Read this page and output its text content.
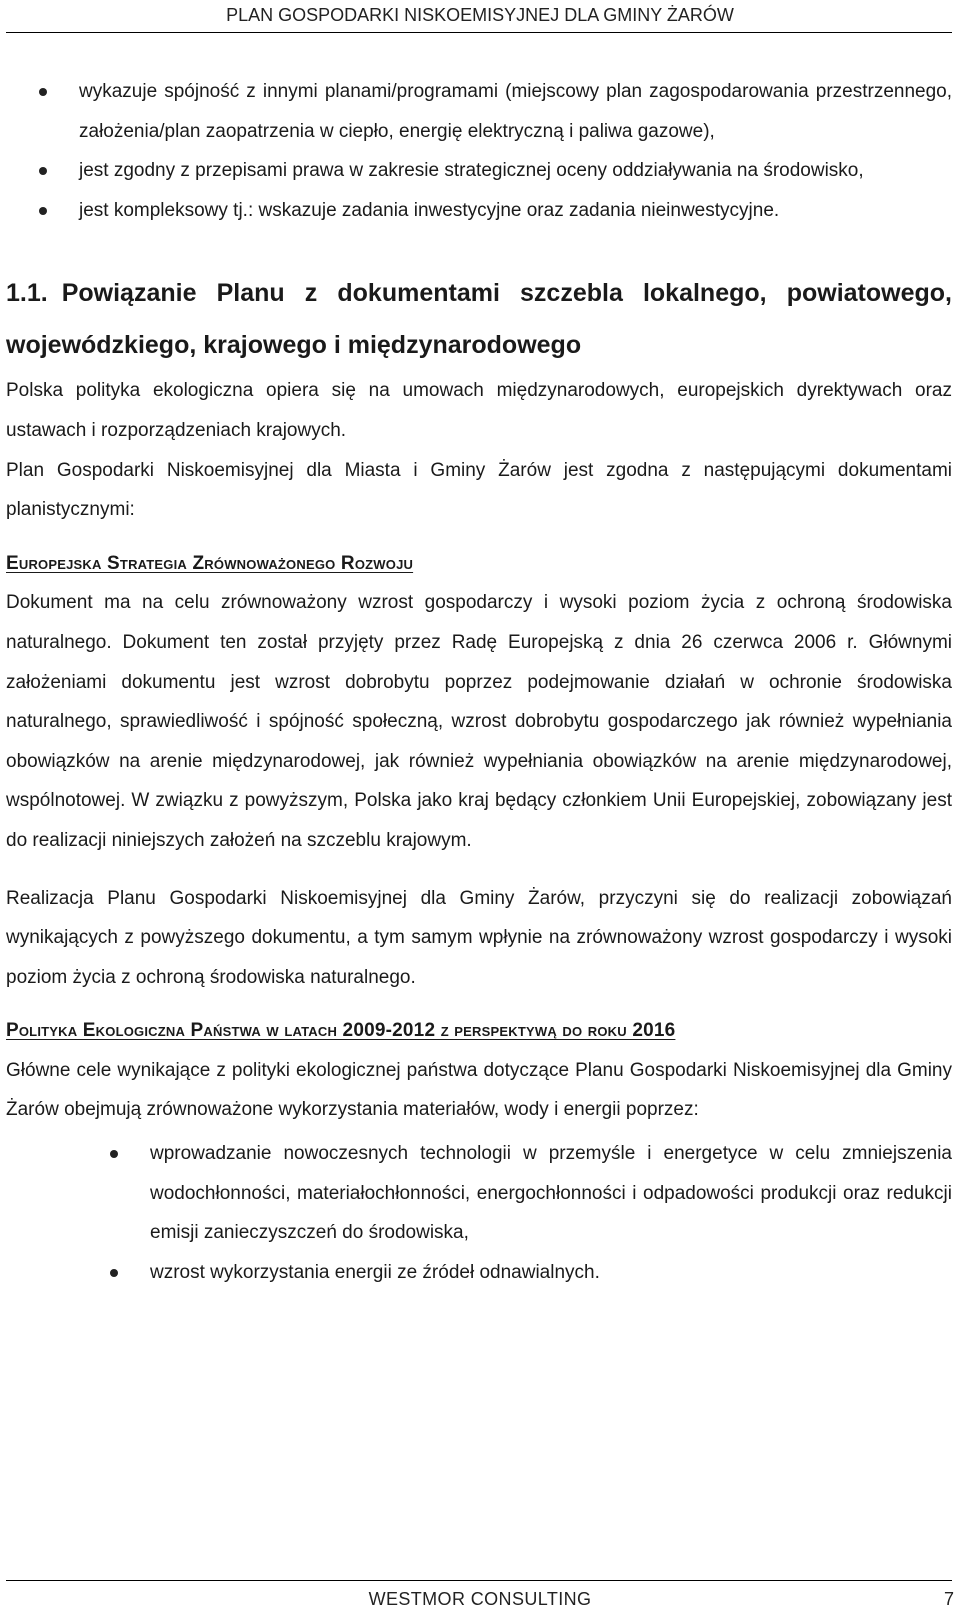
PLAN GOSPODARKI NISKOEMISYJNEJ DLA GMINY ŻARÓW
wykazuje spójność z innymi planami/programami (miejscowy plan zagospodarowania przestrzennego, założenia/plan zaopatrzenia w ciepło, energię elektryczną i paliwa gazowe),
jest zgodny z przepisami prawa w zakresie strategicznej oceny oddziaływania na środowisko,
jest kompleksowy tj.: wskazuje zadania inwestycyjne oraz zadania nieinwestycyjne.
1.1. Powiązanie Planu z dokumentami szczebla lokalnego, powiatowego, wojewódzkiego, krajowego i międzynarodowego

Polska polityka ekologiczna opiera się na umowach międzynarodowych, europejskich dyrektywach oraz ustawach i rozporządzeniach krajowych.

Plan Gospodarki Niskoemisyjnej dla Miasta i Gminy Żarów jest zgodna z następującymi dokumentami planistycznymi:

Europejska Strategia Zrównoważonego Rozwoju

Dokument ma na celu zrównoważony wzrost gospodarczy i wysoki poziom życia z ochroną środowiska naturalnego. Dokument ten został przyjęty przez Radę Europejską z dnia 26 czerwca 2006 r. Głównymi założeniami dokumentu jest wzrost dobrobytu poprzez podejmowanie działań w ochronie środowiska naturalnego, sprawiedliwość i spójność społeczną, wzrost dobrobytu gospodarczego jak również wypełniania obowiązków na arenie międzynarodowej, jak również wypełniania obowiązków na arenie międzynarodowej, wspólnotowej. W związku z powyższym, Polska jako kraj będący członkiem Unii Europejskiej, zobowiązany jest do realizacji niniejszych założeń na szczeblu krajowym.

Realizacja Planu Gospodarki Niskoemisyjnej dla Gminy Żarów, przyczyni się do realizacji zobowiązań wynikających z powyższego dokumentu, a tym samym wpłynie na zrównoważony wzrost gospodarczy i wysoki poziom życia z ochroną środowiska naturalnego.

Polityka Ekologiczna Państwa w latach 2009-2012 z perspektywą do roku 2016

Główne cele wynikające z polityki ekologicznej państwa dotyczące Planu Gospodarki Niskoemisyjnej dla Gminy Żarów obejmują zrównoważone wykorzystania materiałów, wody i energii poprzez:

wprowadzanie nowoczesnych technologii w przemyśle i energetyce w celu zmniejszenia wodochłonności, materiałochłonności, energochłonności i odpadowości produkcji oraz redukcji emisji zanieczyszczeń do środowiska,
wzrost wykorzystania energii ze źródeł odnawialnych.
WESTMOR CONSULTING	7
